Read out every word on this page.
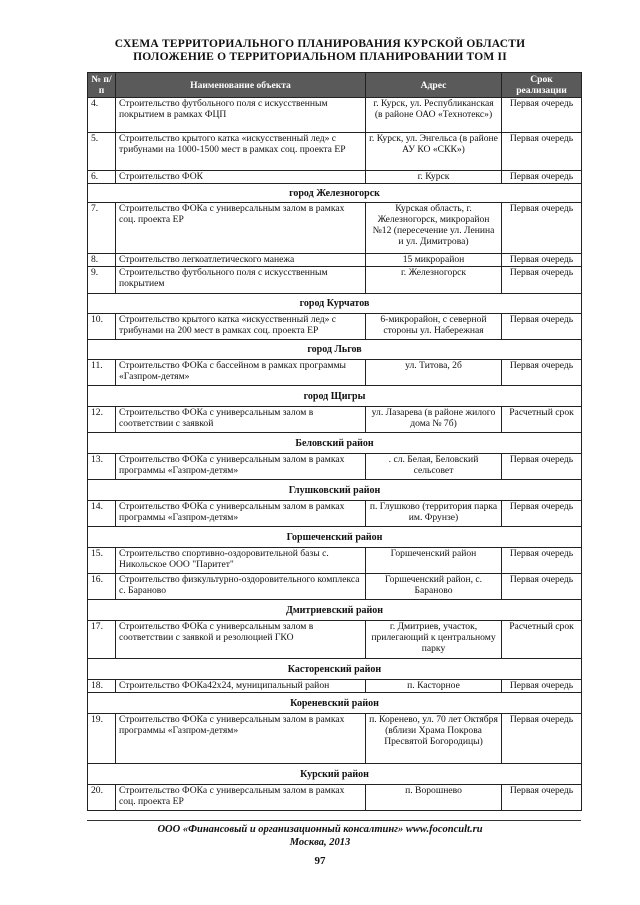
СХЕМА ТЕРРИТОРИАЛЬНОГО ПЛАНИРОВАНИЯ КУРСКОЙ ОБЛАСТИ
ПОЛОЖЕНИЕ О ТЕРРИТОРИАЛЬНОМ ПЛАНИРОВАНИИ ТОМ II
№ п/п	Наименование объекта	Адрес	Срок реализации
4.	Строительство футбольного поля с искусственным покрытием в рамках ФЦП	г. Курск, ул. Республиканская (в районе ОАО «Технотекс»)	Первая очередь
5.	Строительство крытого катка «искусственный лед» с трибунами на 1000-1500 мест в рамках соц. проекта ЕР	г. Курск, ул. Энгельса (в районе АУ КО «СКК»)	Первая очередь
6.	Строительство ФОК	г. Курск	Первая очередь
город Железногорск			
7.	Строительство ФОКа с универсальным залом в рамках соц. проекта ЕР	Курская область, г. Железногорск, микрорайон №12 (пересечение ул. Ленина и ул. Димитрова)	Первая очередь
8.	Строительство легкоатлетического манежа	15 микрорайон	Первая очередь
9.	Строительство футбольного поля с искусственным покрытием	г. Железногорск	Первая очередь
город Курчатов			
10.	Строительство крытого катка «искусственный лед» с трибунами на 200 мест в рамках соц. проекта ЕР	6-микрорайон, с северной стороны ул. Набережная	Первая очередь
город Льгов			
11.	Строительство ФОКа с бассейном в рамках программы «Газпром-детям»	ул. Титова, 2б	Первая очередь
город Щигры			
12.	Строительство ФОКа с универсальным залом в соответствии с заявкой	ул. Лазарева (в районе жилого дома № 7б)	Расчетный срок
Беловский район			
13.	Строительство ФОКа с универсальным залом в рамках программы «Газпром-детям»	. сл. Белая, Беловский сельсовет	Первая очередь
Глушковский район			
14.	Строительство ФОКа с универсальным залом в рамках программы «Газпром-детям»	п. Глушково (территория парка им. Фрунзе)	Первая очередь
Горшеченский район			
15.	Строительство спортивно-оздоровительной базы с. Никольское ООО "Паритет"	Горшеченский район	Первая очередь
16.	Строительство физкультурно-оздоровительного комплекса с. Бараново	Горшеченский район, с. Бараново	Первая очередь
Дмитриевский район			
17.	Строительство ФОКа с универсальным залом в соответствии с заявкой и резолюцией ГКО	г. Дмитриев, участок, прилегающий к центральному парку	Расчетный срок
Касторенский район			
18.	Строительство ФОКа42х24, муниципальный район	п. Касторное	Первая очередь
Кореневский район			
19.	Строительство ФОКа с универсальным залом в рамках программы «Газпром-детям»	п. Коренево, ул. 70 лет Октября (вблизи Храма Покрова Пресвятой Богородицы)	Первая очередь
Курский район			
20.	Строительство ФОКа с универсальным залом в рамках соц. проекта ЕР	п. Ворошнево	Первая очередь
ООО «Финансовый и организационный консалтинг» www.foconcult.ru
Москва, 2013
97
